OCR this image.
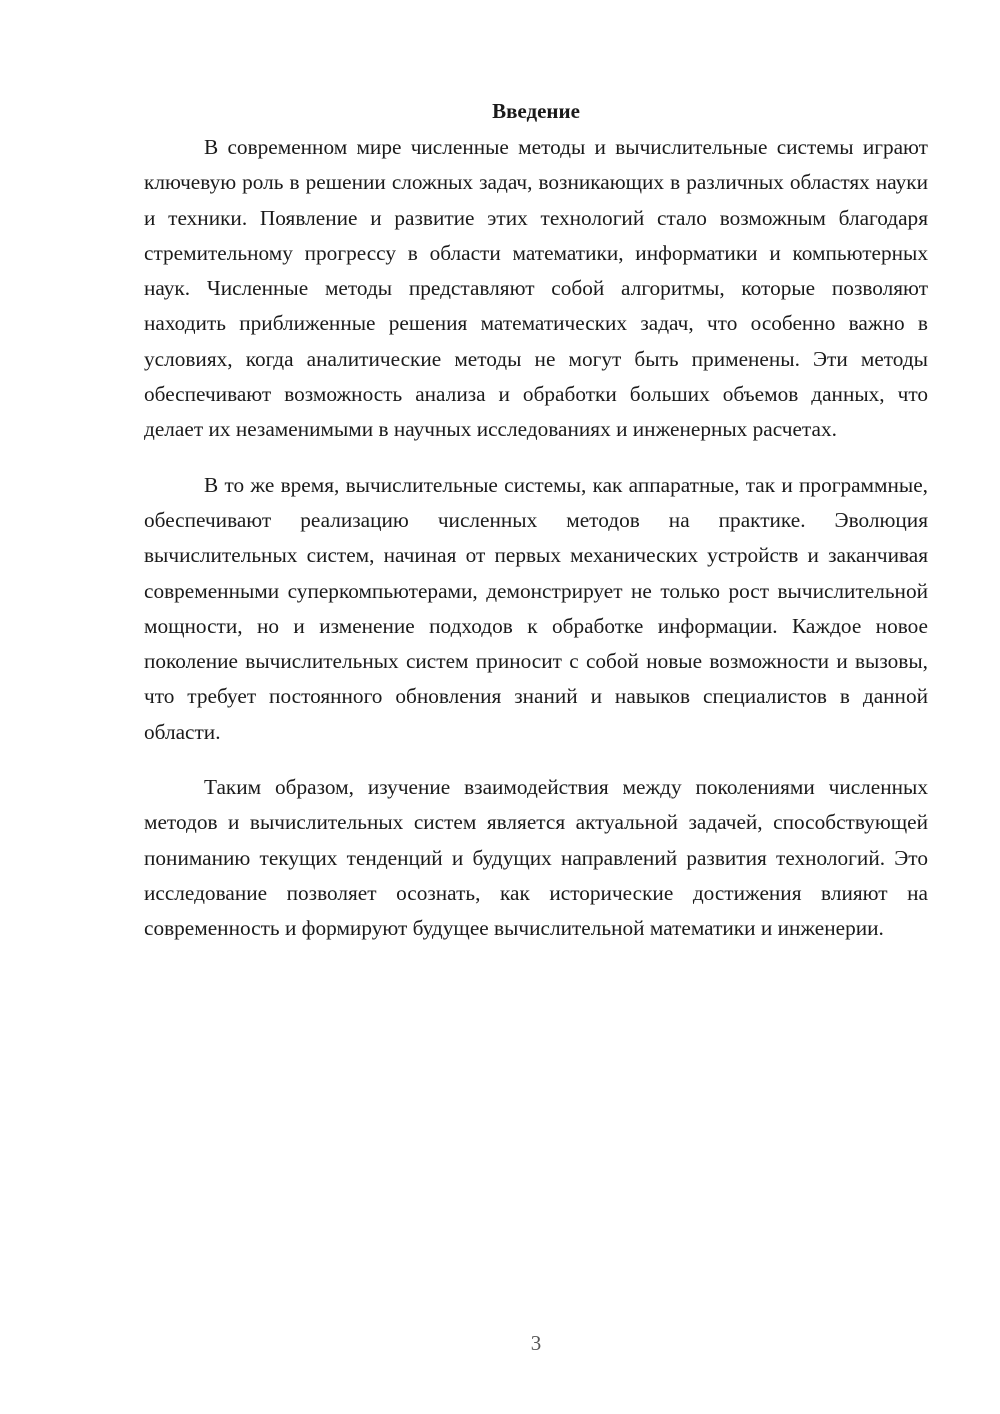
Введение

В современном мире численные методы и вычислительные системы играют ключевую роль в решении сложных задач, возникающих в различных областях науки и техники. Появление и развитие этих технологий стало возможным благодаря стремительному прогрессу в области математики, информатики и компьютерных наук. Численные методы представляют собой алгоритмы, которые позволяют находить приближенные решения математических задач, что особенно важно в условиях, когда аналитические методы не могут быть применены. Эти методы обеспечивают возможность анализа и обработки больших объемов данных, что делает их незаменимыми в научных исследованиях и инженерных расчетах.

В то же время, вычислительные системы, как аппаратные, так и программные, обеспечивают реализацию численных методов на практике. Эволюция вычислительных систем, начиная от первых механических устройств и заканчивая современными суперкомпьютерами, демонстрирует не только рост вычислительной мощности, но и изменение подходов к обработке информации. Каждое новое поколение вычислительных систем приносит с собой новые возможности и вызовы, что требует постоянного обновления знаний и навыков специалистов в данной области.

Таким образом, изучение взаимодействия между поколениями численных методов и вычислительных систем является актуальной задачей, способствующей пониманию текущих тенденций и будущих направлений развития технологий. Это исследование позволяет осознать, как исторические достижения влияют на современность и формируют будущее вычислительной математики и инженерии.

3
